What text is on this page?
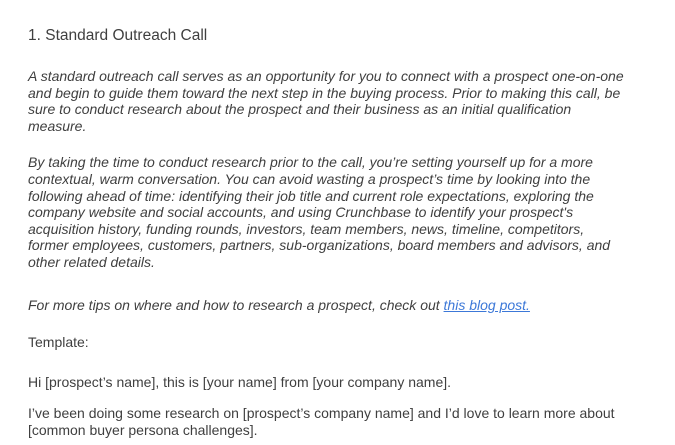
1. Standard Outreach Call

A standard outreach call serves as an opportunity for you to connect with a prospect one-on-one and begin to guide them toward the next step in the buying process. Prior to making this call, be sure to conduct research about the prospect and their business as an initial qualification measure.

By taking the time to conduct research prior to the call, you’re setting yourself up for a more contextual, warm conversation. You can avoid wasting a prospect’s time by looking into the following ahead of time: identifying their job title and current role expectations, exploring the company website and social accounts, and using Crunchbase to identify your prospect's acquisition history, funding rounds, investors, team members, news, timeline, competitors, former employees, customers, partners, sub-organizations, board members and advisors, and other related details.

For more tips on where and how to research a prospect, check out this blog post.

Template:

Hi [prospect’s name], this is [your name] from [your company name].

I’ve been doing some research on [prospect’s company name] and I’d love to learn more about [common buyer persona challenges].
